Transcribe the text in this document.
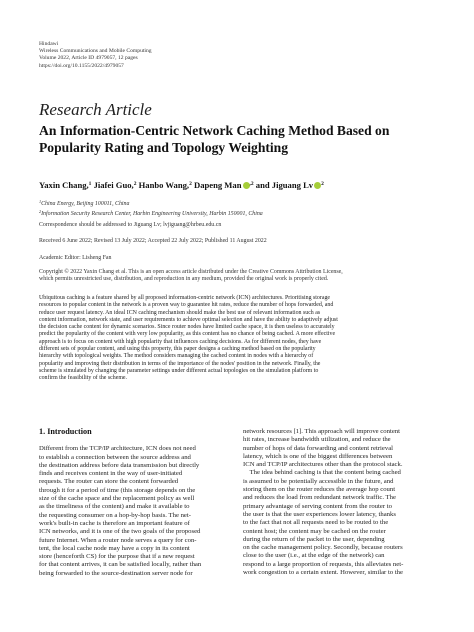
Hindawi
Wireless Communications and Mobile Computing
Volume 2022, Article ID 4979057, 12 pages
https://doi.org/10.1155/2022/4979057
Research Article
An Information-Centric Network Caching Method Based on Popularity Rating and Topology Weighting
Yaxin Chang,$^1$ Jiafei Guo,$^2$ Hanbo Wang,$^2$ Dapeng Man $^{,2}$ and Jiguang Lv $^2$
$^1$China Energy, Beijing 100011, China
$^2$Information Security Research Center, Harbin Engineering University, Harbin 150001, China
Correspondence should be addressed to Jiguang Lv; lvjiguang@hrbeu.edu.cn
Received 6 June 2022; Revised 13 July 2022; Accepted 22 July 2022; Published 11 August 2022
Academic Editor: Lisheng Fan
Copyright © 2022 Yaxin Chang et al. This is an open access article distributed under the Creative Commons Attribution License,
which permits unrestricted use, distribution, and reproduction in any medium, provided the original work is properly cited.
Ubiquitous caching is a feature shared by all proposed information-centric network (ICN) architectures. Prioritising storage
resources to popular content in the network is a proven way to guarantee hit rates, reduce the number of hops forwarded, and
reduce user request latency. An ideal ICN caching mechanism should make the best use of relevant information such as
content information, network state, and user requirements to achieve optimal selection and have the ability to adaptively adjust
the decision cache content for dynamic scenarios. Since router nodes have limited cache space, it is then useless to accurately
predict the popularity of the content with very low popularity, as this content has no chance of being cached. A more effective
approach is to focus on content with high popularity that influences caching decisions. As for different nodes, they have
different sets of popular content, and using this property, this paper designs a caching method based on the popularity
hierarchy with topological weights. The method considers managing the cached content in nodes with a hierarchy of
popularity and improving their distribution in terms of the importance of the nodes' position in the network. Finally, the
scheme is simulated by changing the parameter settings under different actual topologies on the simulation platform to
confirm the feasibility of the scheme.
1. Introduction
Different from the TCP/IP architecture, ICN does not need
to establish a connection between the source address and
the destination address before data transmission but directly
finds and receives content in the way of user-initiated
requests. The router can store the content forwarded
through it for a period of time (this storage depends on the
size of the cache space and the replacement policy as well
as the timeliness of the content) and make it available to
the requesting consumer on a hop-by-hop basis. The net-
work's built-in cache is therefore an important feature of
ICN networks, and it is one of the two goals of the proposed
future Internet. When a router node serves a query for con-
tent, the local cache node may have a copy in its content
store (henceforth CS) for the purpose that if a new request
for that content arrives, it can be satisfied locally, rather than
being forwarded to the source-destination server node for
network resources [1]. This approach will improve content
hit rates, increase bandwidth utilization, and reduce the
number of hops of data forwarding and content retrieval
latency, which is one of the biggest differences between
ICN and TCP/IP architectures other than the protocol stack.
The idea behind caching is that the content being cached
is assumed to be potentially accessible in the future, and
storing them on the router reduces the average hop count
and reduces the load from redundant network traffic. The
primary advantage of serving content from the router to
the user is that the user experiences lower latency, thanks
to the fact that not all requests need to be routed to the
content host; the content may be cached on the router
during the return of the packet to the user, depending
on the cache management policy. Secondly, because routers
close to the user (i.e., at the edge of the network) can
respond to a large proportion of requests, this alleviates net-
work congestion to a certain extent. However, similar to the
